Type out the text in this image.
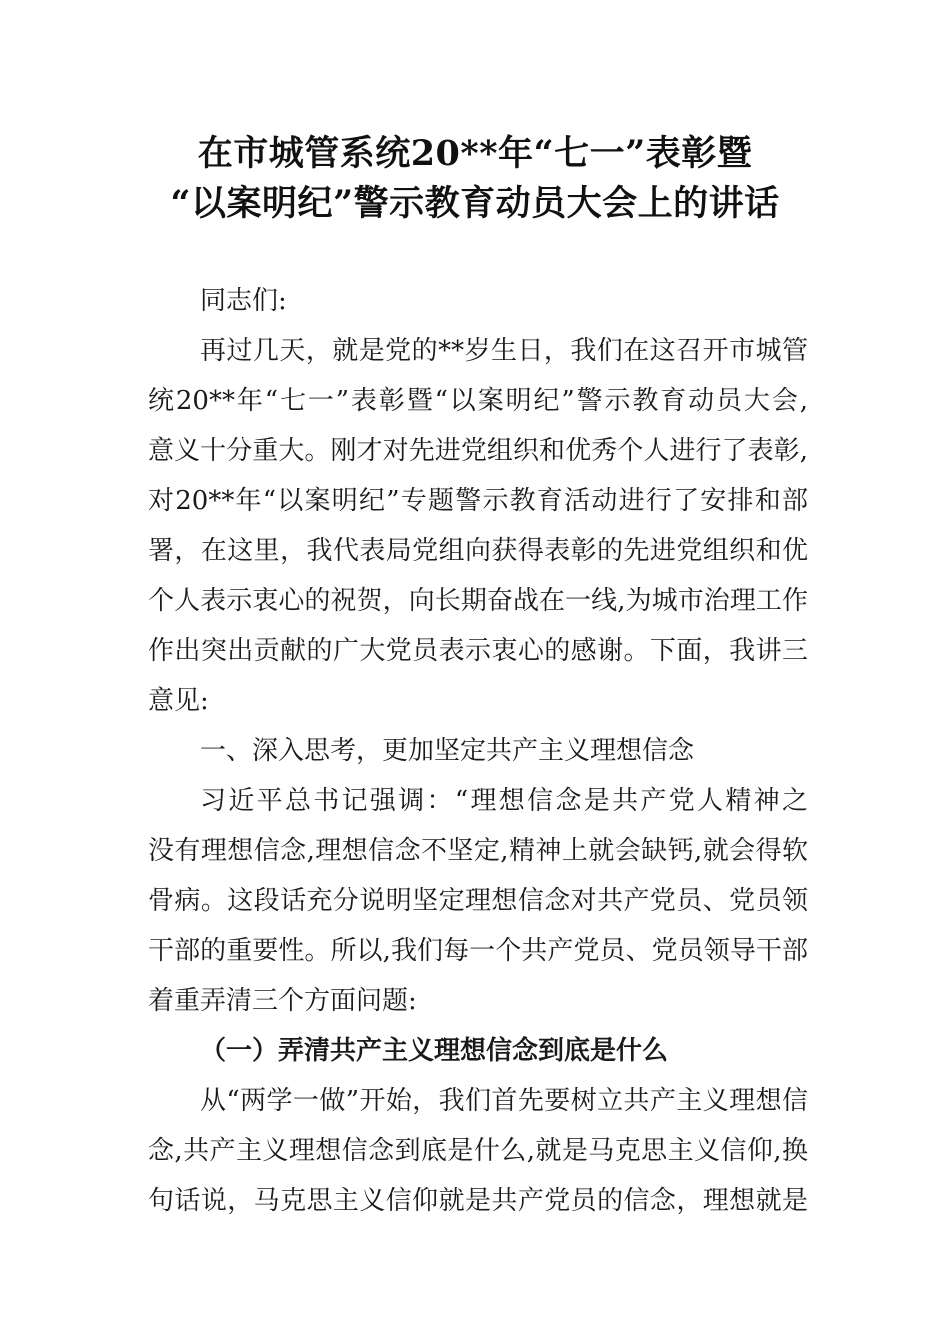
在市城管系统20**年“七一”表彰暨
“以案明纪”警示教育动员大会上的讲话
同志们:
再过几天，就是党的**岁生日，我们在这召开市城管
统20**年“七一”表彰暨“以案明纪”警示教育动员大会,
意义十分重大。刚才对先进党组织和优秀个人进行了表彰,
对20**年“以案明纪”专题警示教育活动进行了安排和部
署，在这里，我代表局党组向获得表彰的先进党组织和优
个人表示衷心的祝贺，向长期奋战在一线,为城市治理工作
作出突出贡献的广大党员表示衷心的感谢。下面，我讲三
意见:
一、深入思考，更加坚定共产主义理想信念
习近平总书记强调：“理想信念是共产党人精神之
没有理想信念,理想信念不坚定,精神上就会缺钙,就会得软
骨病。这段话充分说明坚定理想信念对共产党员、党员领
干部的重要性。所以,我们每一个共产党员、党员领导干部
着重弄清三个方面问题:
（一）弄清共产主义理想信念到底是什么
从“两学一做”开始，我们首先要树立共产主义理想信
念,共产主义理想信念到底是什么,就是马克思主义信仰,换
句话说，马克思主义信仰就是共产党员的信念，理想就是
